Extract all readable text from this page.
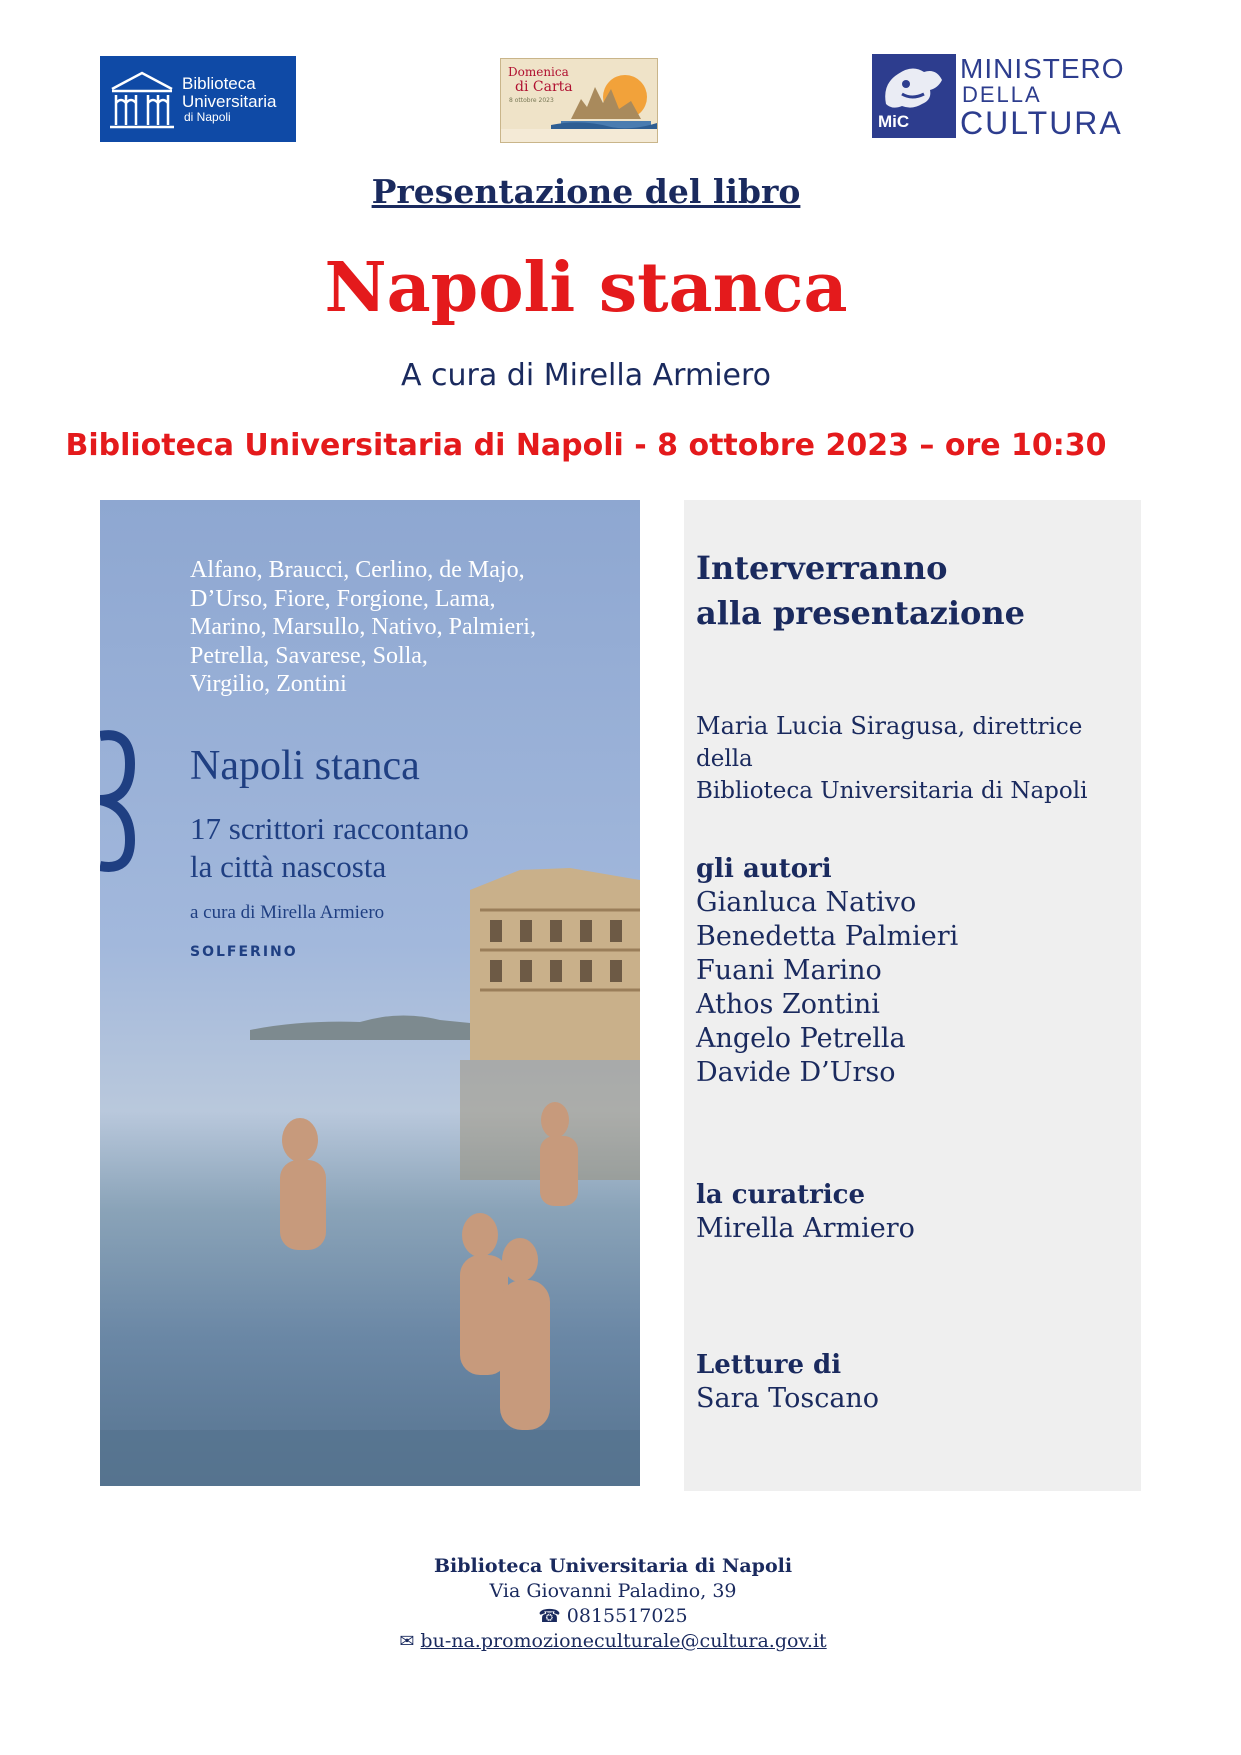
Biblioteca
Universitaria
di Napoli
Domenica
di Carta
8 ottobre 2023
MiC
MINISTERO
DELLA
CULTURA
Presentazione del libro
Napoli stanca
A cura di Mirella Armiero
Biblioteca Universitaria di Napoli - 8 ottobre 2023 – ore 10:30
Alfano, Braucci, Cerlino, de Majo,
D’Urso, Fiore, Forgione, Lama,
Marino, Marsullo, Nativo, Palmieri,
Petrella, Savarese, Solla,
Virgilio, Zontini
Napoli stanca
17 scrittori raccontano
la città nascosta
a cura di Mirella Armiero
SOLFERINO
Interverranno
alla presentazione
Maria Lucia Siragusa, direttrice della
Biblioteca Universitaria di Napoli
gli autori
Gianluca Nativo
Benedetta Palmieri
Fuani Marino
Athos Zontini
Angelo Petrella
Davide D’Urso
la curatrice
Mirella Armiero
Letture di
Sara Toscano
Biblioteca Universitaria di Napoli
Via Giovanni Paladino, 39
☎ 0815517025
✉ bu-na.promozioneculturale@cultura.gov.it
